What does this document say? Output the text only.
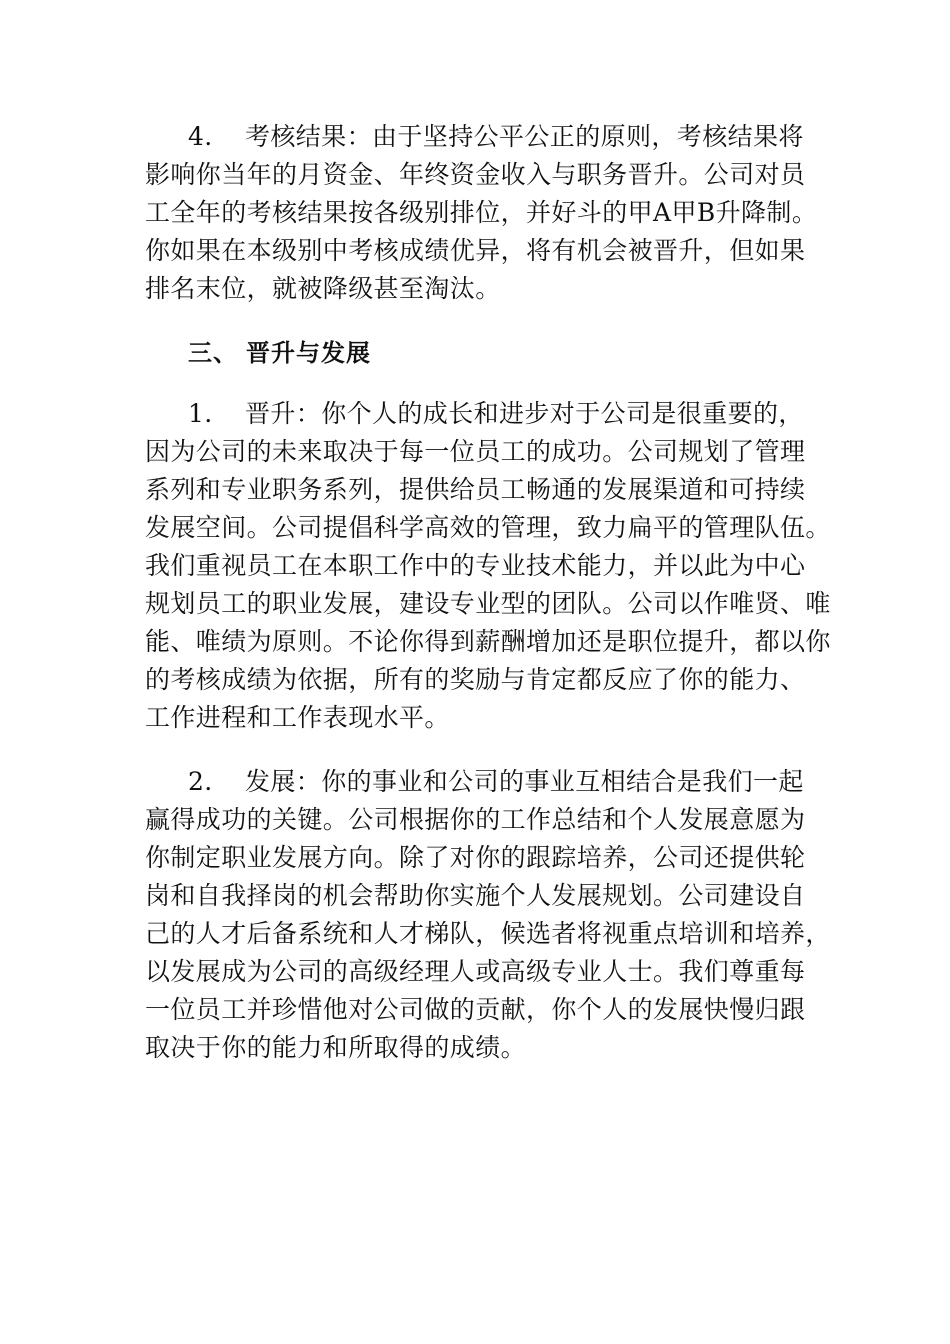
4. 考核结果：由于坚持公平公正的原则，考核结果将
影响你当年的月资金、年终资金收入与职务晋升。公司对员
工全年的考核结果按各级别排位，并好斗的甲A甲B升降制。
你如果在本级别中考核成绩优异，将有机会被晋升，但如果
排名末位，就被降级甚至淘汰。
三、 晋升与发展
1. 晋升：你个人的成长和进步对于公司是很重要的，
因为公司的未来取决于每一位员工的成功。公司规划了管理
系列和专业职务系列，提供给员工畅通的发展渠道和可持续
发展空间。公司提倡科学高效的管理，致力扁平的管理队伍。
我们重视员工在本职工作中的专业技术能力，并以此为中心
规划员工的职业发展，建设专业型的团队。公司以作唯贤、唯
能、唯绩为原则。不论你得到薪酬增加还是职位提升，都以你
的考核成绩为依据，所有的奖励与肯定都反应了你的能力、
工作进程和工作表现水平。
2. 发展：你的事业和公司的事业互相结合是我们一起
赢得成功的关键。公司根据你的工作总结和个人发展意愿为
你制定职业发展方向。除了对你的跟踪培养，公司还提供轮
岗和自我择岗的机会帮助你实施个人发展规划。公司建设自
己的人才后备系统和人才梯队，候选者将视重点培训和培养，
以发展成为公司的高级经理人或高级专业人士。我们尊重每
一位员工并珍惜他对公司做的贡献，你个人的发展快慢归跟
取决于你的能力和所取得的成绩。
